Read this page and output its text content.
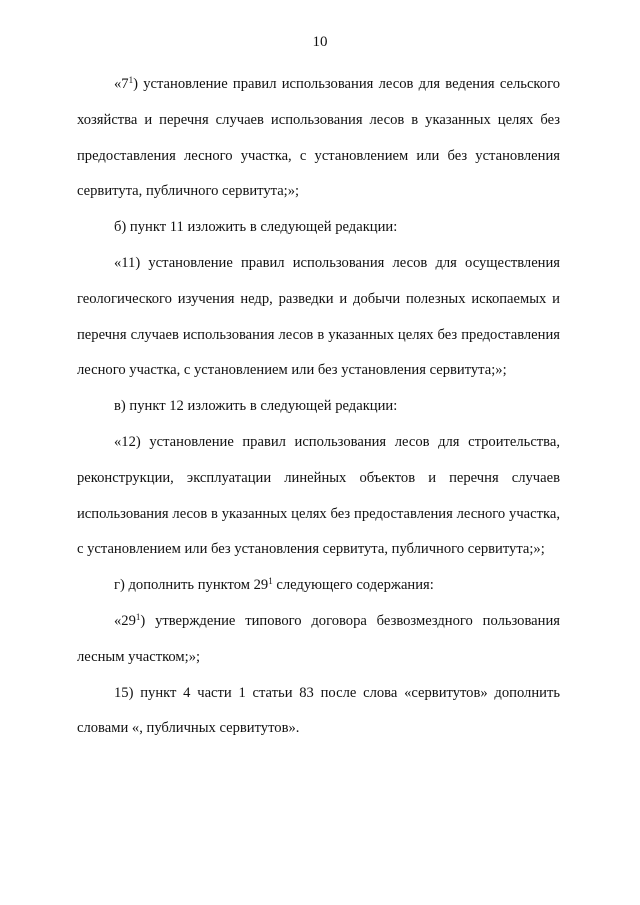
10

«$7^1$) установление правил использования лесов для ведения сельского хозяйства и перечня случаев использования лесов в указанных целях без предоставления лесного участка, с установлением или без установления сервитута, публичного сервитута;»;

б) пункт 11 изложить в следующей редакции:

«11) установление правил использования лесов для осуществления геологического изучения недр, разведки и добычи полезных ископаемых и перечня случаев использования лесов в указанных целях без предоставления лесного участка, с установлением или без установления сервитута;»;

в) пункт 12 изложить в следующей редакции:

«12) установление правил использования лесов для строительства, реконструкции, эксплуатации линейных объектов и перечня случаев использования лесов в указанных целях без предоставления лесного участка, с установлением или без установления сервитута, публичного сервитута;»;

г) дополнить пунктом $29^1$ следующего содержания:

«$29^1$) утверждение типового договора безвозмездного пользования лесным участком;»;

15) пункт 4 части 1 статьи 83 после слова «сервитутов» дополнить словами «, публичных сервитутов».
